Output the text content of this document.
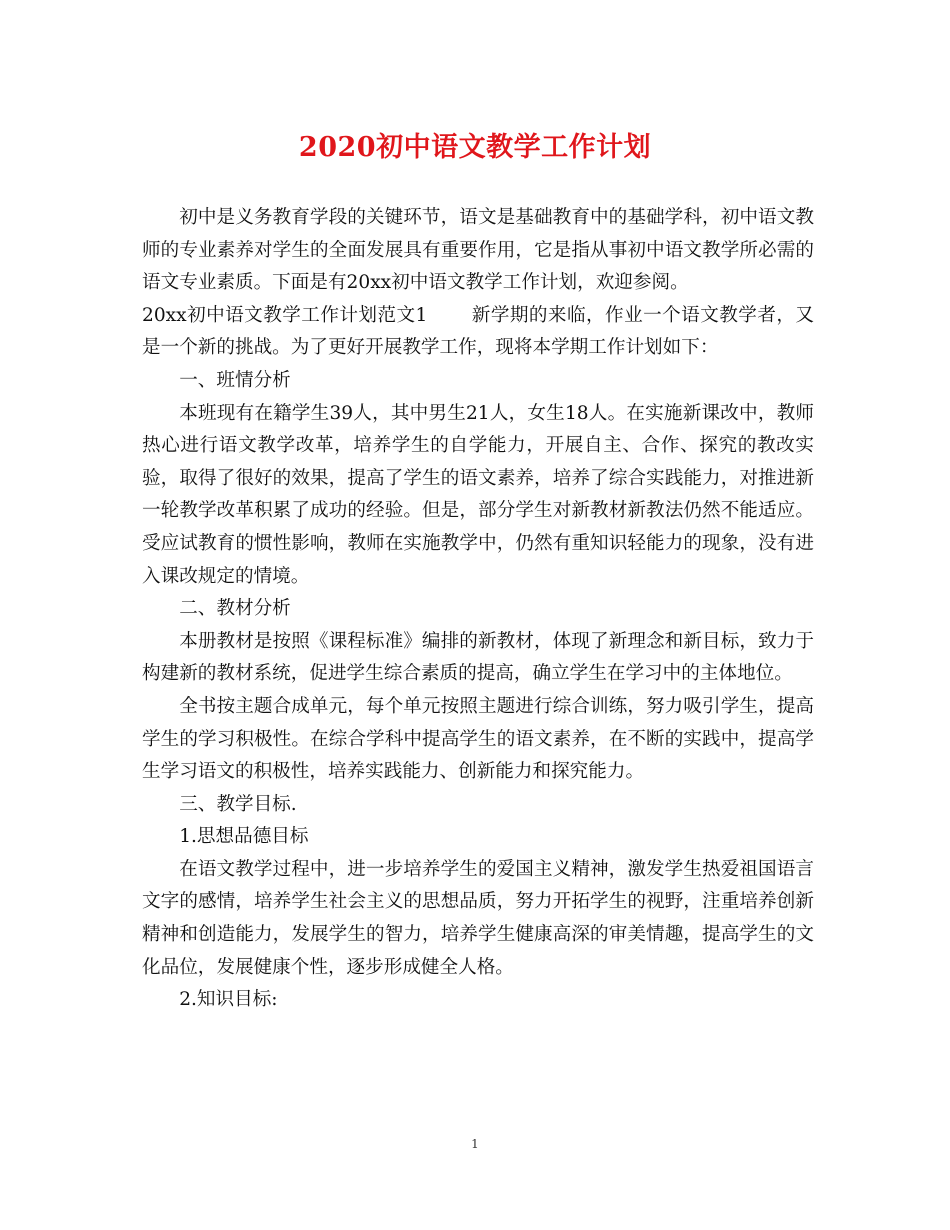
2020初中语文教学工作计划

初中是义务教育学段的关键环节，语文是基础教育中的基础学科，初中语文教师的专业素养对学生的全面发展具有重要作用，它是指从事初中语文教学所必需的语文专业素质。下面是有20xx初中语文教学工作计划，欢迎参阅。

20xx初中语文教学工作计划范文1 新学期的来临，作业一个语文教学者，又是一个新的挑战。为了更好开展教学工作，现将本学期工作计划如下：

一、班情分析

本班现有在籍学生39人，其中男生21人，女生18人。在实施新课改中，教师热心进行语文教学改革，培养学生的自学能力，开展自主、合作、探究的教改实验，取得了很好的效果，提高了学生的语文素养，培养了综合实践能力，对推进新一轮教学改革积累了成功的经验。但是，部分学生对新教材新教法仍然不能适应。受应试教育的惯性影响，教师在实施教学中，仍然有重知识轻能力的现象，没有进入课改规定的情境。

二、教材分析

本册教材是按照《课程标准》编排的新教材，体现了新理念和新目标，致力于构建新的教材系统，促进学生综合素质的提高，确立学生在学习中的主体地位。

全书按主题合成单元，每个单元按照主题进行综合训练，努力吸引学生，提高学生的学习积极性。在综合学科中提高学生的语文素养，在不断的实践中，提高学生学习语文的积极性，培养实践能力、创新能力和探究能力。

三、教学目标.

1.思想品德目标

在语文教学过程中，进一步培养学生的爱国主义精神，激发学生热爱祖国语言文字的感情，培养学生社会主义的思想品质，努力开拓学生的视野，注重培养创新精神和创造能力，发展学生的智力，培养学生健康高深的审美情趣，提高学生的文化品位，发展健康个性，逐步形成健全人格。

2.知识目标:

1
